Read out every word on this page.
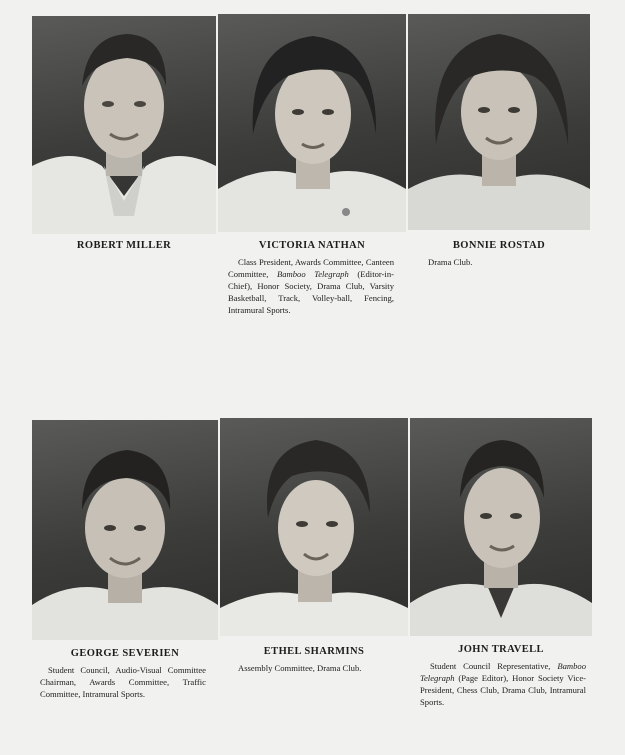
ROBERT MILLER	VICTORIA NATHAN
Class President, Awards Committee, Canteen Committee, Bamboo Telegraph (Editor-in-Chief), Honor Society, Drama Club, Varsity Basketball, Track, Volley-ball, Fencing, Intramural Sports.
BONNIE ROSTAD
Drama Club.
GEORGE SEVERIEN
Student Council, Audio-Visual Committee Chairman, Awards Committee, Traffic Committee, Intramural Sports.
ETHEL SHARMINS
Assembly Committee, Drama Club.
JOHN TRAVELL
Student Council Representative, Bamboo Telegraph (Page Editor), Honor Society Vice-President, Chess Club, Drama Club, Intramural Sports.
